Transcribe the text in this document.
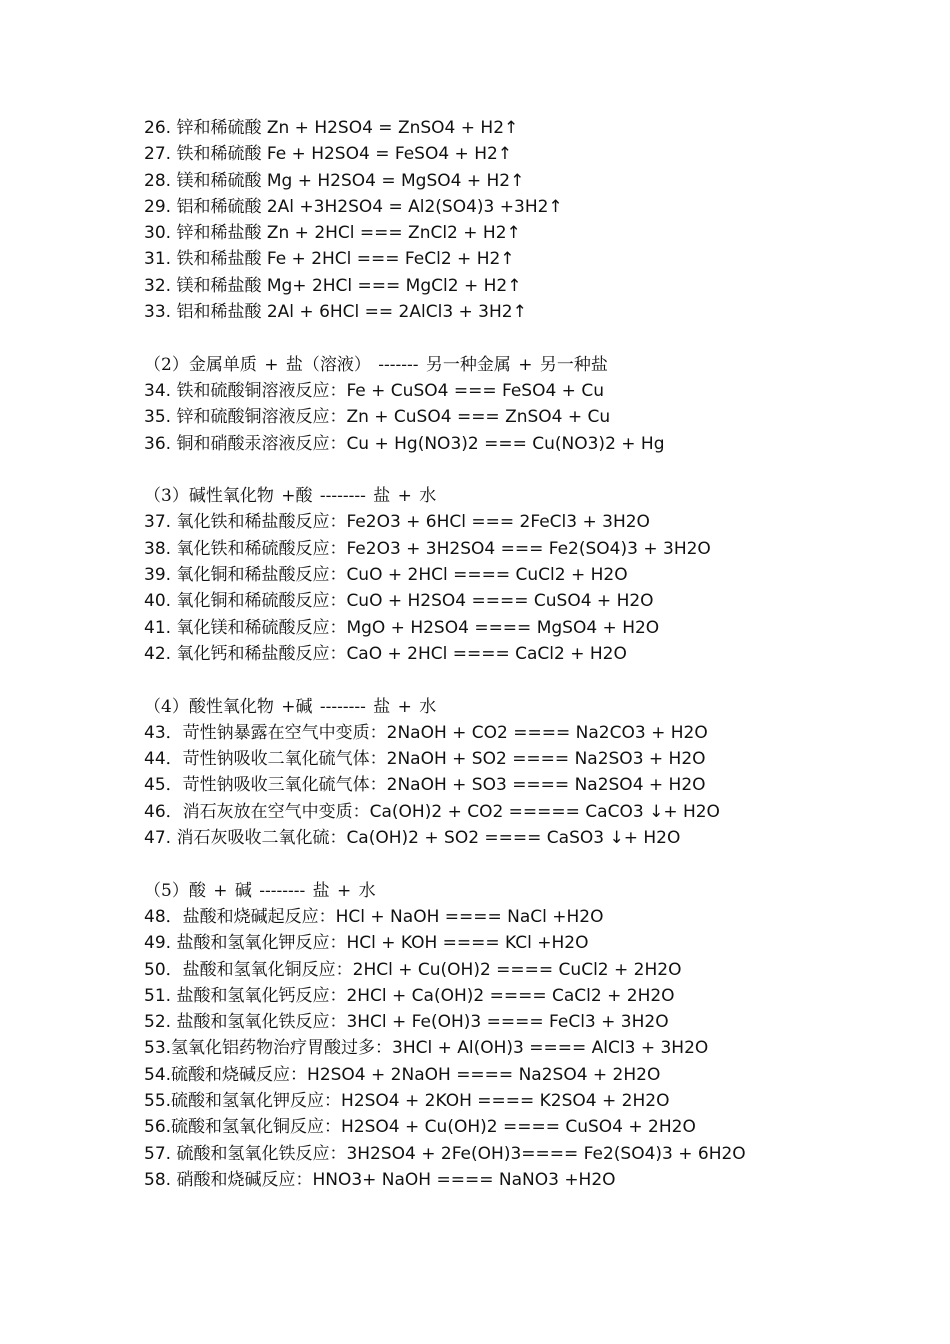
26. 锌和稀硫酸 Zn + H2SO4 = ZnSO4 + H2↑
27. 铁和稀硫酸 Fe + H2SO4 = FeSO4 + H2↑
28. 镁和稀硫酸 Mg + H2SO4 = MgSO4 + H2↑
29. 铝和稀硫酸 2Al +3H2SO4 = Al2(SO4)3 +3H2↑
30. 锌和稀盐酸 Zn + 2HCl === ZnCl2 + H2↑
31. 铁和稀盐酸 Fe + 2HCl === FeCl2 + H2↑
32. 镁和稀盐酸 Mg+ 2HCl === MgCl2 + H2↑
33. 铝和稀盐酸 2Al + 6HCl == 2AlCl3 + 3H2↑
（2）金属单质 + 盐（溶液） ------- 另一种金属 + 另一种盐
34. 铁和硫酸铜溶液反应：Fe + CuSO4 === FeSO4 + Cu
35. 锌和硫酸铜溶液反应：Zn + CuSO4 === ZnSO4 + Cu
36. 铜和硝酸汞溶液反应：Cu + Hg(NO3)2 === Cu(NO3)2 + Hg
（3）碱性氧化物 +酸 -------- 盐 + 水
37. 氧化铁和稀盐酸反应：Fe2O3 + 6HCl === 2FeCl3 + 3H2O
38. 氧化铁和稀硫酸反应：Fe2O3 + 3H2SO4 === Fe2(SO4)3 + 3H2O
39. 氧化铜和稀盐酸反应：CuO + 2HCl ==== CuCl2 + H2O
40. 氧化铜和稀硫酸反应：CuO + H2SO4 ==== CuSO4 + H2O
41. 氧化镁和稀硫酸反应：MgO + H2SO4 ==== MgSO4 + H2O
42. 氧化钙和稀盐酸反应：CaO + 2HCl ==== CaCl2 + H2O
（4）酸性氧化物 +碱 -------- 盐 + 水
43．苛性钠暴露在空气中变质：2NaOH + CO2 ==== Na2CO3 + H2O
44．苛性钠吸收二氧化硫气体：2NaOH + SO2 ==== Na2SO3 + H2O
45．苛性钠吸收三氧化硫气体：2NaOH + SO3 ==== Na2SO4 + H2O
46．消石灰放在空气中变质：Ca(OH)2 + CO2 ===== CaCO3 ↓+ H2O
47. 消石灰吸收二氧化硫：Ca(OH)2 + SO2 ==== CaSO3 ↓+ H2O
（5）酸 + 碱 -------- 盐 + 水
48．盐酸和烧碱起反应：HCl + NaOH ==== NaCl +H2O
49. 盐酸和氢氧化钾反应：HCl + KOH ==== KCl +H2O
50．盐酸和氢氧化铜反应：2HCl + Cu(OH)2 ==== CuCl2 + 2H2O
51. 盐酸和氢氧化钙反应：2HCl + Ca(OH)2 ==== CaCl2 + 2H2O
52. 盐酸和氢氧化铁反应：3HCl + Fe(OH)3 ==== FeCl3 + 3H2O
53.氢氧化铝药物治疗胃酸过多：3HCl + Al(OH)3 ==== AlCl3 + 3H2O
54.硫酸和烧碱反应：H2SO4 + 2NaOH ==== Na2SO4 + 2H2O
55.硫酸和氢氧化钾反应：H2SO4 + 2KOH ==== K2SO4 + 2H2O
56.硫酸和氢氧化铜反应：H2SO4 + Cu(OH)2 ==== CuSO4 + 2H2O
57. 硫酸和氢氧化铁反应：3H2SO4 + 2Fe(OH)3==== Fe2(SO4)3 + 6H2O
58. 硝酸和烧碱反应：HNO3+ NaOH ==== NaNO3 +H2O
